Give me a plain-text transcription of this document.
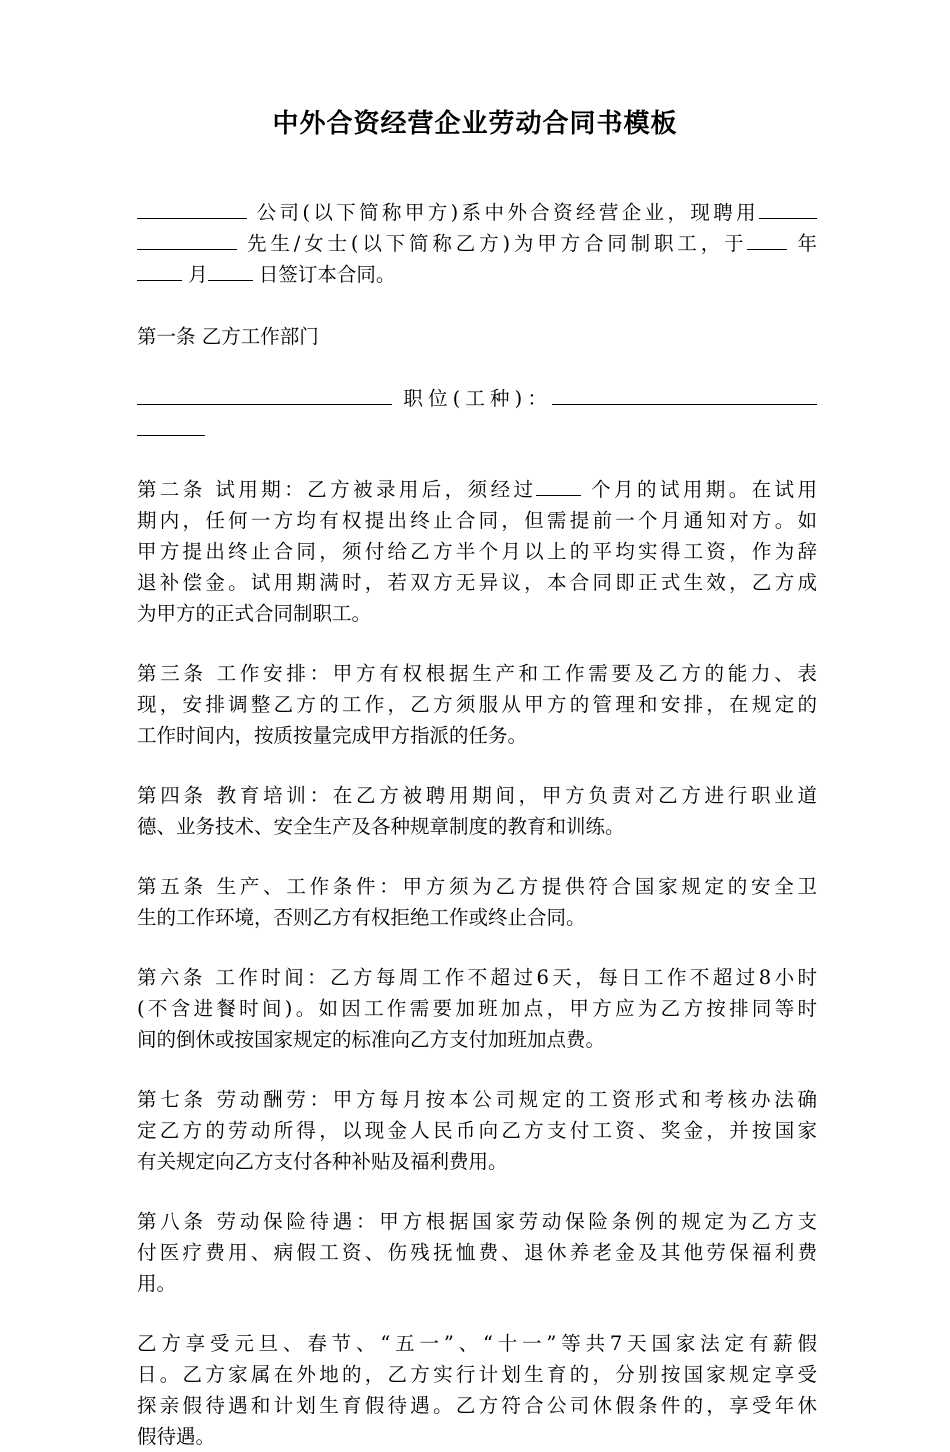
中外合资经营企业劳动合同书模板
公司(以下简称甲方)系中外合资经营企业，现聘用
先生/女士(以下简称乙方)为甲方合同制职工，于	年
月	日签订本合同。
第一条 乙方工作部门
职位(工种)：
第二条 试用期：乙方被录用后，须经过	个月的试用期。在试用
期内，任何一方均有权提出终止合同，但需提前一个月通知对方。如
甲方提出终止合同，须付给乙方半个月以上的平均实得工资，作为辞
退补偿金。试用期满时，若双方无异议，本合同即正式生效，乙方成
为甲方的正式合同制职工。
第三条 工作安排：甲方有权根据生产和工作需要及乙方的能力、表
现，安排调整乙方的工作，乙方须服从甲方的管理和安排，在规定的
工作时间内，按质按量完成甲方指派的任务。
第四条 教育培训：在乙方被聘用期间，甲方负责对乙方进行职业道
德、业务技术、安全生产及各种规章制度的教育和训练。
第五条 生产、工作条件：甲方须为乙方提供符合国家规定的安全卫
生的工作环境，否则乙方有权拒绝工作或终止合同。
第六条 工作时间：乙方每周工作不超过6天，每日工作不超过8小时
(不含进餐时间)。如因工作需要加班加点，甲方应为乙方按排同等时
间的倒休或按国家规定的标准向乙方支付加班加点费。
第七条 劳动酬劳：甲方每月按本公司规定的工资形式和考核办法确
定乙方的劳动所得，以现金人民币向乙方支付工资、奖金，并按国家
有关规定向乙方支付各种补贴及福利费用。
第八条 劳动保险待遇：甲方根据国家劳动保险条例的规定为乙方支
付医疗费用、病假工资、伤残抚恤费、退休养老金及其他劳保福利费
用。
乙方享受元旦、春节、“五一”、“十一”等共7天国家法定有薪假
日。乙方家属在外地的，乙方实行计划生育的，分别按国家规定享受
探亲假待遇和计划生育假待遇。乙方符合公司休假条件的，享受年休
假待遇。
